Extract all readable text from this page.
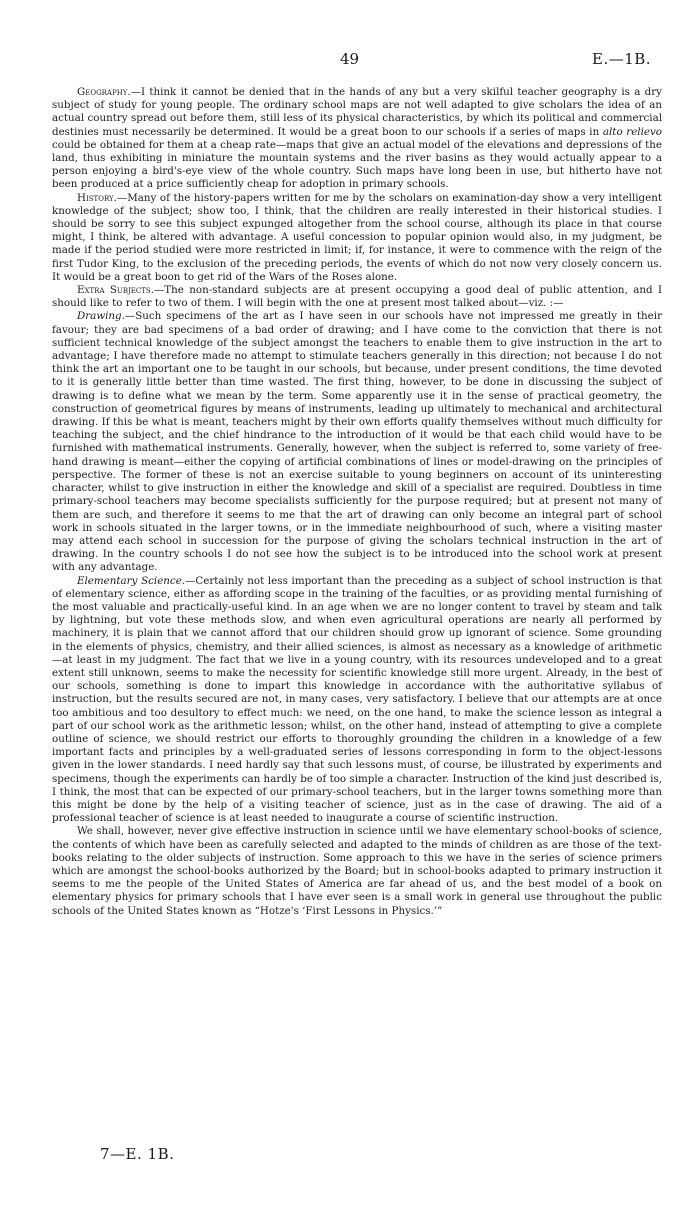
49	E.—1B.

Geography.—I think it cannot be denied that in the hands of any but a very skilful teacher geography is a dry subject of study for young people. The ordinary school maps are not well adapted to give scholars the idea of an actual country spread out before them, still less of its physical characteristics, by which its political and commercial destinies must necessarily be determined. It would be a great boon to our schools if a series of maps in alto relievo could be obtained for them at a cheap rate—maps that give an actual model of the elevations and depressions of the land, thus exhibiting in miniature the mountain systems and the river basins as they would actually appear to a person enjoying a bird's-eye view of the whole country. Such maps have long been in use, but hitherto have not been produced at a price sufficiently cheap for adoption in primary schools.

History.—Many of the history-papers written for me by the scholars on examination-day show a very intelligent knowledge of the subject; show too, I think, that the children are really interested in their historical studies. I should be sorry to see this subject expunged altogether from the school course, although its place in that course might, I think, be altered with advantage. A useful concession to popular opinion would also, in my judgment, be made if the period studied were more restricted in limit; if, for instance, it were to commence with the reign of the first Tudor King, to the exclusion of the preceding periods, the events of which do not now very closely concern us. It would be a great boon to get rid of the Wars of the Roses alone.

Extra Subjects.—The non-standard subjects are at present occupying a good deal of public attention, and I should like to refer to two of them. I will begin with the one at present most talked about—viz. :—

Drawing.—Such specimens of the art as I have seen in our schools have not impressed me greatly in their favour; they are bad specimens of a bad order of drawing; and I have come to the conviction that there is not sufficient technical knowledge of the subject amongst the teachers to enable them to give instruction in the art to advantage; I have therefore made no attempt to stimulate teachers generally in this direction; not because I do not think the art an important one to be taught in our schools, but because, under present conditions, the time devoted to it is generally little better than time wasted. The first thing, however, to be done in discussing the subject of drawing is to define what we mean by the term. Some apparently use it in the sense of practical geometry, the construction of geometrical figures by means of instruments, leading up ultimately to mechanical and architectural drawing. If this be what is meant, teachers might by their own efforts qualify themselves without much difficulty for teaching the subject, and the chief hindrance to the introduction of it would be that each child would have to be furnished with mathematical instruments. Generally, however, when the subject is referred to, some variety of free-hand drawing is meant—either the copying of artificial combinations of lines or model-drawing on the principles of perspective. The former of these is not an exercise suitable to young beginners on account of its uninteresting character, whilst to give instruction in either the knowledge and skill of a specialist are required. Doubtless in time primary-school teachers may become specialists sufficiently for the purpose required; but at present not many of them are such, and therefore it seems to me that the art of drawing can only become an integral part of school work in schools situated in the larger towns, or in the immediate neighbourhood of such, where a visiting master may attend each school in succession for the purpose of giving the scholars technical instruction in the art of drawing. In the country schools I do not see how the subject is to be introduced into the school work at present with any advantage.

Elementary Science.—Certainly not less important than the preceding as a subject of school instruction is that of elementary science, either as affording scope in the training of the faculties, or as providing mental furnishing of the most valuable and practically-useful kind. In an age when we are no longer content to travel by steam and talk by lightning, but vote these methods slow, and when even agricultural operations are nearly all performed by machinery, it is plain that we cannot afford that our children should grow up ignorant of science. Some grounding in the elements of physics, chemistry, and their allied sciences, is almost as necessary as a knowledge of arithmetic—at least in my judgment. The fact that we live in a young country, with its resources undeveloped and to a great extent still unknown, seems to make the necessity for scientific knowledge still more urgent. Already, in the best of our schools, something is done to impart this knowledge in accordance with the authoritative syllabus of instruction, but the results secured are not, in many cases, very satisfactory. I believe that our attempts are at once too ambitious and too desultory to effect much: we need, on the one hand, to make the science lesson as integral a part of our school work as the arithmetic lesson; whilst, on the other hand, instead of attempting to give a complete outline of science, we should restrict our efforts to thoroughly grounding the children in a knowledge of a few important facts and principles by a well-graduated series of lessons corresponding in form to the object-lessons given in the lower standards. I need hardly say that such lessons must, of course, be illustrated by experiments and specimens, though the experiments can hardly be of too simple a character. Instruction of the kind just described is, I think, the most that can be expected of our primary-school teachers, but in the larger towns something more than this might be done by the help of a visiting teacher of science, just as in the case of drawing. The aid of a professional teacher of science is at least needed to inaugurate a course of scientific instruction.

We shall, however, never give effective instruction in science until we have elementary school-books of science, the contents of which have been as carefully selected and adapted to the minds of children as are those of the text-books relating to the older subjects of instruction. Some approach to this we have in the series of science primers which are amongst the school-books authorized by the Board; but in school-books adapted to primary instruction it seems to me the people of the United States of America are far ahead of us, and the best model of a book on elementary physics for primary schools that I have ever seen is a small work in general use throughout the public schools of the United States known as “Hotze's ‘First Lessons in Physics.’”

7—E. 1B.
